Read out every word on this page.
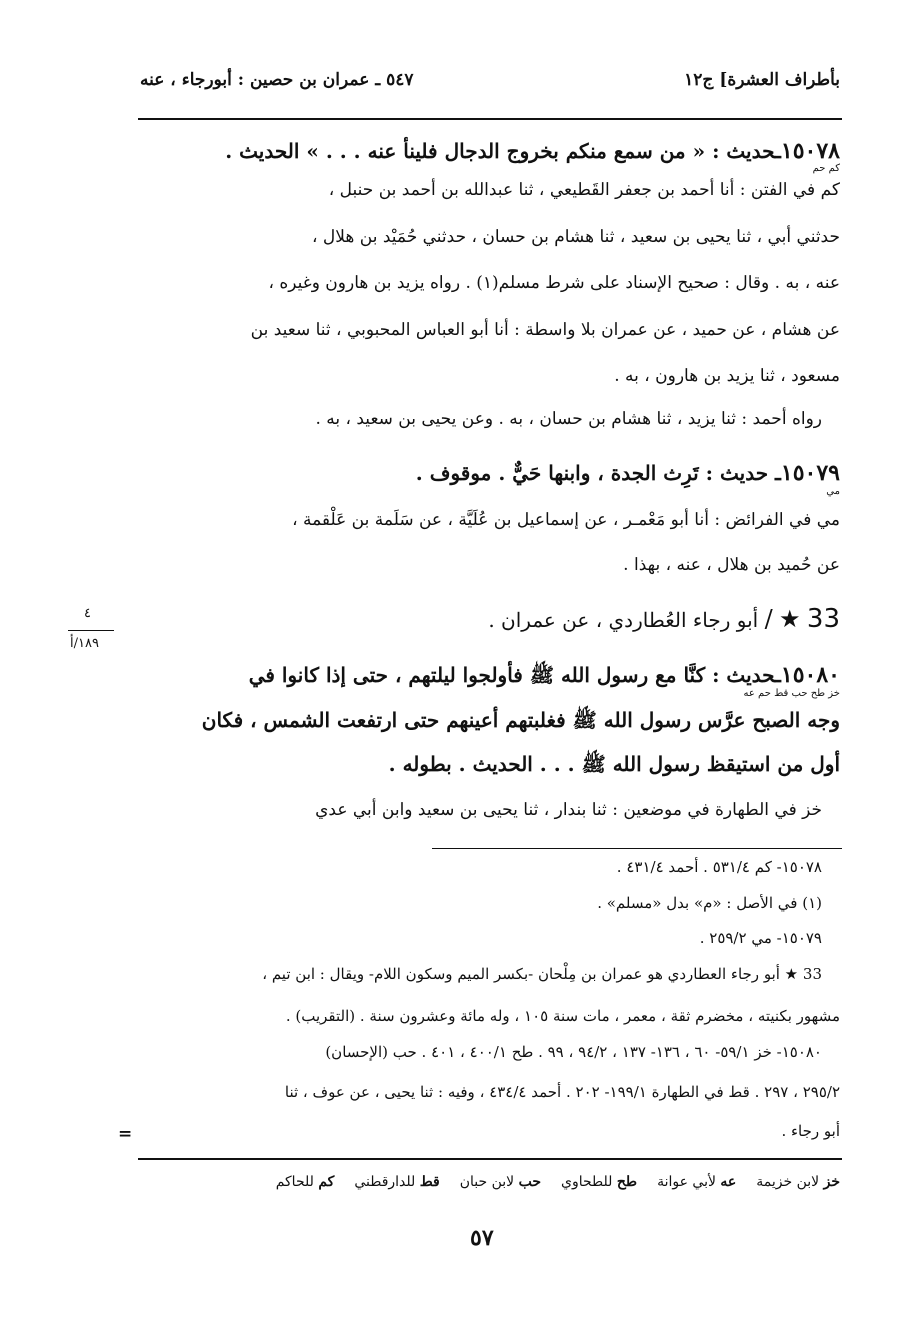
بأطراف العشرة] ج١٢
٥٤٧ ـ عمران بن حصين : أبورجاء ، عنه
١٥٠٧٨ـحديث : « من سمع منكم بخروج الدجال فلينأ عنه . . . » الحديث .
كم حم
كم في الفتن : أنا أحمد بن جعفر القَطيعي ، ثنا عبدالله بن أحمد بن حنبل ،
حدثني أبي ، ثنا يحيى بن سعيد ، ثنا هشام بن حسان ، حدثني حُمَيْد بن هلال ،
عنه ، به . وقال : صحيح الإسناد على شرط مسلم(١) . رواه يزيد بن هارون وغيره ،
عن هشام ، عن حميد ، عن عمران بلا واسطة : أنا أبو العباس المحبوبي ، ثنا سعيد بن
مسعود ، ثنا يزيد بن هارون ، به .
رواه أحمد : ثنا يزيد ، ثنا هشام بن حسان ، به . وعن يحيى بن سعيد ، به .
١٥٠٧٩ـ حديث : تَرِث الجدة ، وابنها حَيٌّ . موقوف .
مي
مي في الفرائض : أنا أبو مَعْمـر ، عن إسماعيل بن عُلَيَّة ، عن سَلَمة بن عَلْقمة ،
عن حُميد بن هلال ، عنه ، بهذا .
33 ★ / أبو رجاء العُطاردي ، عن عمران .
٤
١٨٩/أ
١٥٠٨٠ـحديث : كنَّا مع رسول الله ﷺ فأولجوا ليلتهم ، حتى إذا كانوا في
خز طح حب قط حم عه
وجه الصبح عرَّس رسول الله ﷺ فغلبتهم أعينهم حتى ارتفعت الشمس ، فكان
أول من استيقظ رسول الله ﷺ . . . الحديث . بطوله .
خز في الطهارة في موضعين : ثنا بندار ، ثنا يحيى بن سعيد وابن أبي عدي
١٥٠٧٨- كم ٥٣١/٤ . أحمد ٤٣١/٤ .
(١) في الأصل : «م» بدل «مسلم» .
١٥٠٧٩- مي ٢٥٩/٢ .
33 ★ أبو رجاء العطاردي هو عمران بن مِلْحان -بكسر الميم وسكون اللام- ويقال : ابن تيم ،
مشهور بكنيته ، مخضرم ثقة ، معمر ، مات سنة ١٠٥ ، وله مائة وعشرون سنة . (التقريب) .
١٥٠٨٠- خز ٥٩/١- ٦٠ ، ١٣٦- ١٣٧ ، ٩٤/٢ ، ٩٩ . طح ٤٠٠/١ ، ٤٠١ . حب (الإحسان)
٢٩٥/٢ ، ٢٩٧ . قط في الطهارة ١٩٩/١- ٢٠٢ . أحمد ٤٣٤/٤ ، وفيه : ثنا يحيى ، عن عوف ، ثنا
أبو رجاء .
=
خز لابن خزيمة
عه لأبي عوانة
طح للطحاوي
حب لابن حبان
قط للدارقطني
كم للحاكم
٥٧
